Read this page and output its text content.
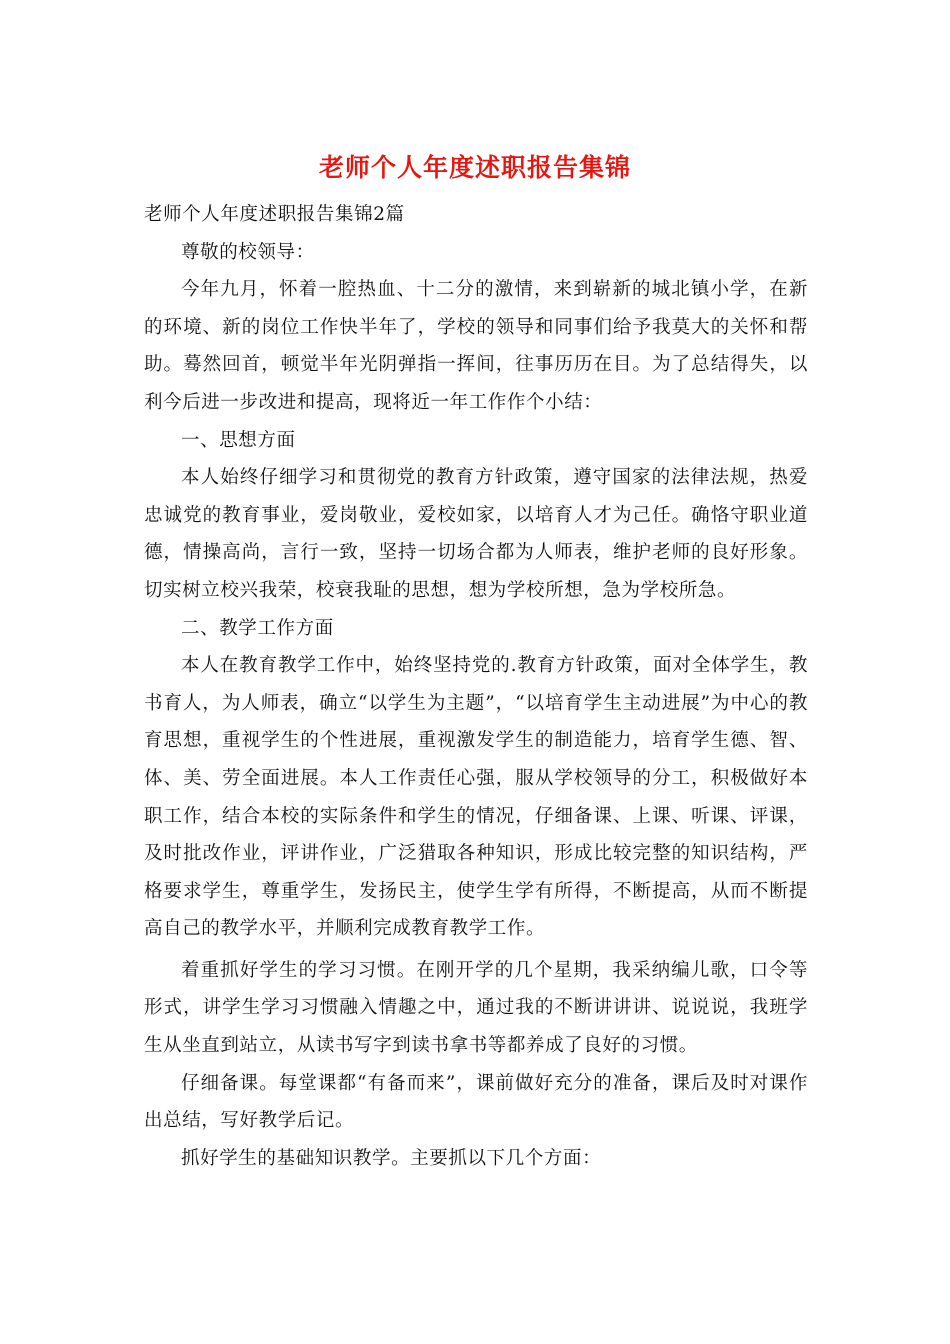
老师个人年度述职报告集锦

老师个人年度述职报告集锦2篇

尊敬的校领导：

今年九月，怀着一腔热血、十二分的激情，来到崭新的城北镇小学，在新的环境、新的岗位工作快半年了，学校的领导和同事们给予我莫大的关怀和帮助。蓦然回首，顿觉半年光阴弹指一挥间，往事历历在目。为了总结得失，以利今后进一步改进和提高，现将近一年工作作个小结：

一、思想方面

本人始终仔细学习和贯彻党的教育方针政策，遵守国家的法律法规，热爱忠诚党的教育事业，爱岗敬业，爱校如家，以培育人才为己任。确恪守职业道德，情操高尚，言行一致，坚持一切场合都为人师表，维护老师的良好形象。切实树立校兴我荣，校衰我耻的思想，想为学校所想，急为学校所急。

二、教学工作方面

本人在教育教学工作中，始终坚持党的.教育方针政策，面对全体学生，教书育人，为人师表，确立“以学生为主题”，“以培育学生主动进展”为中心的教育思想，重视学生的个性进展，重视激发学生的制造能力，培育学生德、智、体、美、劳全面进展。本人工作责任心强，服从学校领导的分工，积极做好本职工作，结合本校的实际条件和学生的情况，仔细备课、上课、听课、评课，及时批改作业，评讲作业，广泛猎取各种知识，形成比较完整的知识结构，严格要求学生，尊重学生，发扬民主，使学生学有所得，不断提高，从而不断提高自己的教学水平，并顺利完成教育教学工作。

着重抓好学生的学习习惯。在刚开学的几个星期，我采纳编儿歌，口令等形式，讲学生学习习惯融入情趣之中，通过我的不断讲讲讲、说说说，我班学生从坐直到站立，从读书写字到读书拿书等都养成了良好的习惯。

仔细备课。每堂课都“有备而来”，课前做好充分的准备，课后及时对课作出总结，写好教学后记。

抓好学生的基础知识教学。主要抓以下几个方面：
